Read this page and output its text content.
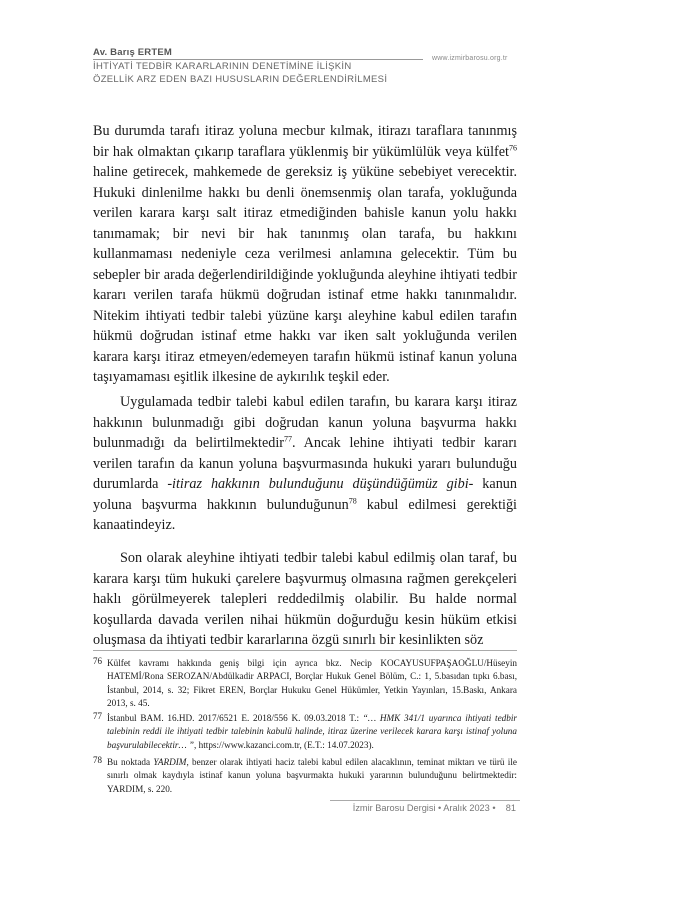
Av. Barış ERTEM
İHTİYATİ TEDBİR KARARLARININ DENETİMİNE İLİŞKİN
ÖZELLİK ARZ EDEN BAZI HUSUSLARIN DEĞERLENDİRİLMESİ
www.izmirbarosu.org.tr
Bu durumda tarafı itiraz yoluna mecbur kılmak, itirazı taraflara tanınmış bir hak olmaktan çıkarıp taraflara yüklenmiş bir yükümlülük veya külfet$^{76}$ haline getirecek, mahkemede de gereksiz iş yüküne sebebiyet verecektir. Hukuki dinlenilme hakkı bu denli önemsenmiş olan tarafa, yokluğunda verilen karara karşı salt itiraz etmediğinden bahisle kanun yolu hakkı tanımamak; bir nevi bir hak tanınmış olan tarafa, bu hakkını kullanmaması nedeniyle ceza verilmesi anlamına gelecektir. Tüm bu sebepler bir arada değerlendirildiğinde yokluğunda aleyhine ihtiyati tedbir kararı verilen tarafa hükmü doğrudan istinaf etme hakkı tanınmalıdır. Nitekim ihtiyati tedbir talebi yüzüne karşı aleyhine kabul edilen tarafın hükmü doğrudan istinaf etme hakkı var iken salt yokluğunda verilen karara karşı itiraz etmeyen/edemeyen tarafın hükmü istinaf kanun yoluna taşıyamaması eşitlik ilkesine de aykırılık teşkil eder.
Uygulamada tedbir talebi kabul edilen tarafın, bu karara karşı itiraz hakkının bulunmadığı gibi doğrudan kanun yoluna başvurma hakkı bulunmadığı da belirtilmektedir$^{77}$. Ancak lehine ihtiyati tedbir kararı verilen tarafın da kanun yoluna başvurmasında hukuki yararı bulunduğu durumlarda -itiraz hakkının bulunduğunu düşündüğümüz gibi- kanun yoluna başvurma hakkının bulunduğunun$^{78}$ kabul edilmesi gerektiği kanaatindeyiz.
Son olarak aleyhine ihtiyati tedbir talebi kabul edilmiş olan taraf, bu karara karşı tüm hukuki çarelere başvurmuş olmasına rağmen gerekçeleri haklı görülmeyerek talepleri reddedilmiş olabilir. Bu halde normal koşullarda davada verilen nihai hükmün doğurduğu kesin hüküm etkisi oluşmasa da ihtiyati tedbir kararlarına özgü sınırlı bir kesinlikten söz
76 Külfet kavramı hakkında geniş bilgi için ayrıca bkz. Necip KOCAYUSUFPAŞAOĞLU/Hüseyin HATEMİ/Rona SEROZAN/Abdülkadir ARPACI, Borçlar Hukuk Genel Bölüm, C.: 1, 5.basıdan tıpkı 6.bası, İstanbul, 2014, s. 32; Fikret EREN, Borçlar Hukuku Genel Hükümler, Yetkin Yayınları, 15.Baskı, Ankara 2013, s. 45.
77 İstanbul BAM. 16.HD. 2017/6521 E. 2018/556 K. 09.03.2018 T.: “… HMK 341/1 uyarınca ihtiyati tedbir talebinin reddi ile ihtiyati tedbir talebinin kabulü halinde, itiraz üzerine verilecek karara karşı istinaf yoluna başvurulabilecektir… ”, https://www.kazanci.com.tr, (E.T.: 14.07.2023).
78 Bu noktada YARDIM, benzer olarak ihtiyati haciz talebi kabul edilen alacaklının, teminat miktarı ve türü ile sınırlı olmak kaydıyla istinaf kanun yoluna başvurmakta hukuki yararının bulunduğunu belirtmektedir: YARDIM, s. 220.
İzmir Barosu Dergisi • Aralık 2023 • 81
